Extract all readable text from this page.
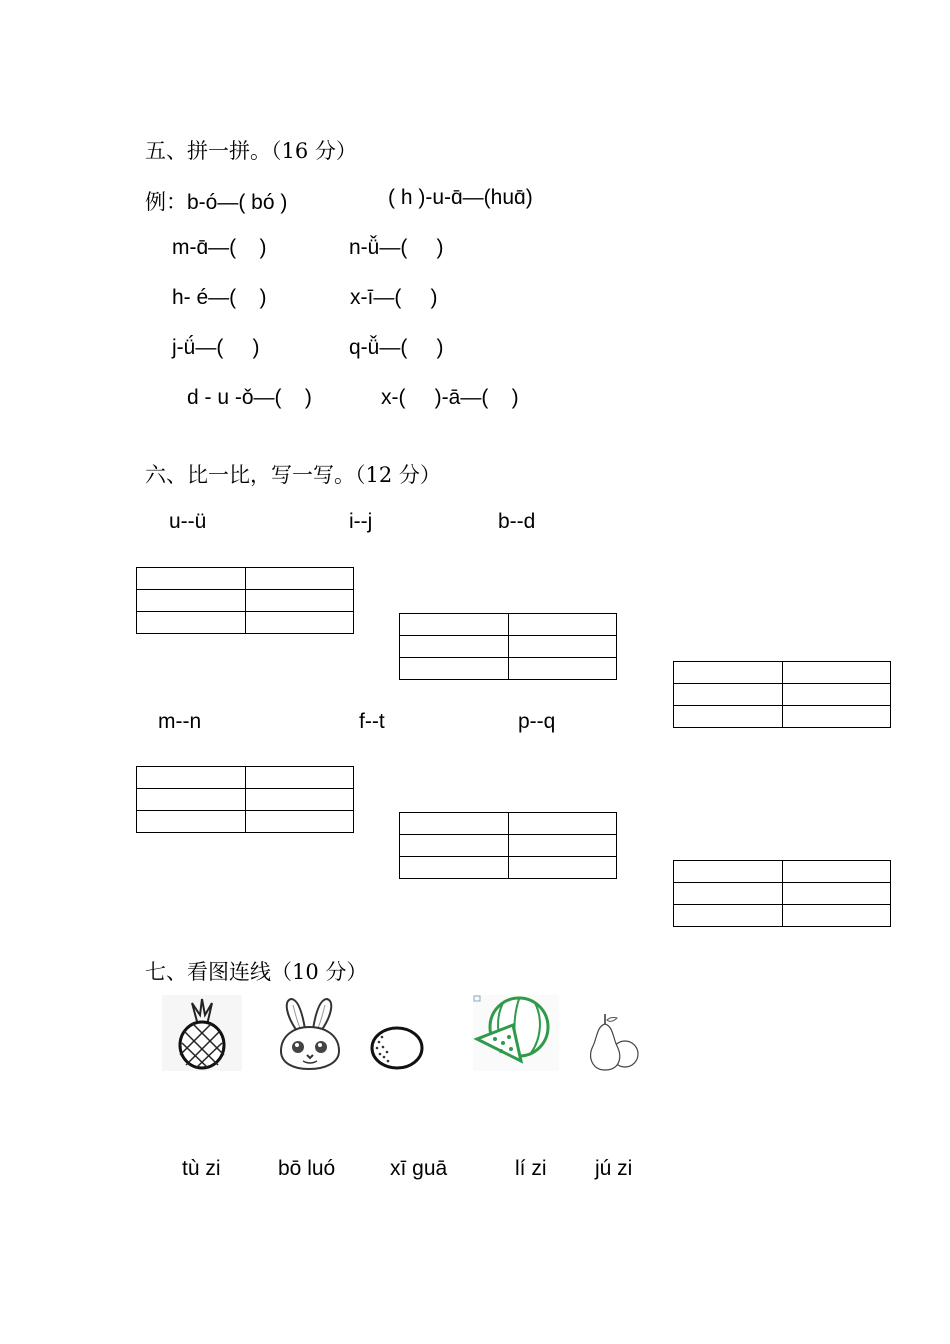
五、拼一拼。（16 分）
例：b-ó—( bó )	( h )-u-ɑ̄—(huɑ̄)
m-ɑ̄—(    )	n-ǚ—(     )
h- é—(    )	x-ī—(     )
j-ǘ—(     )	q-ǚ—(     )
d - u -ǒ—(    )	x-(     )-ā—(    )
六、比一比，写一写。（12 分）
u--ü	i--j	b--d

m--n	f--t	p--q

七、看图连线（10 分）
tù zi	bō luó	xī guā	lí zi jú zi
